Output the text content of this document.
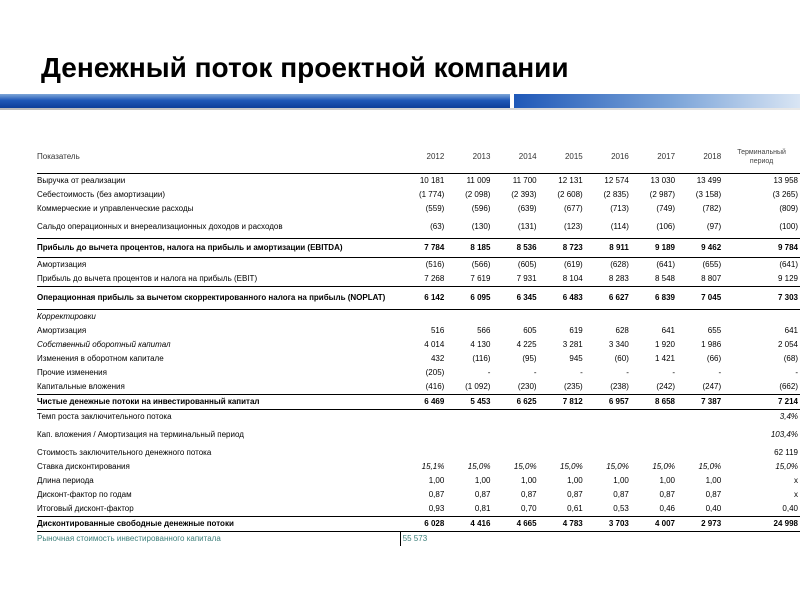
Денежный поток проектной компании
Показатель	2012	2013	2014	2015	2016	2017	2018	Терминальный период
Выручка от реализации	10 181	11 009	11 700	12 131	12 574	13 030	13 499	13 958
Себестоимость (без амортизации)	(1 774)	(2 098)	(2 393)	(2 608)	(2 835)	(2 987)	(3 158)	(3 265)
Коммерческие и управленческие расходы	(559)	(596)	(639)	(677)	(713)	(749)	(782)	(809)
Сальдо операционных и внереализационных доходов и расходов	(63)	(130)	(131)	(123)	(114)	(106)	(97)	(100)
Прибыль до вычета процентов, налога на прибыль и амортизации (EBITDA)	7 784	8 185	8 536	8 723	8 911	9 189	9 462	9 784
Амортизация	(516)	(566)	(605)	(619)	(628)	(641)	(655)	(641)
Прибыль до вычета процентов и налога на прибыль (EBIT)	7 268	7 619	7 931	8 104	8 283	8 548	8 807	9 129
Операционная прибыль за вычетом скорректированного налога на прибыль (NOPLAT)	6 142	6 095	6 345	6 483	6 627	6 839	7 045	7 303
Корректировки								
Амортизация	516	566	605	619	628	641	655	641
Собственный оборотный капитал	4 014	4 130	4 225	3 281	3 340	1 920	1 986	2 054
Изменения в оборотном капитале	432	(116)	(95)	945	(60)	1 421	(66)	(68)
Прочие изменения	(205)	-	-	-	-	-	-	-
Капитальные вложения	(416)	(1 092)	(230)	(235)	(238)	(242)	(247)	(662)
Чистые денежные потоки на инвестированный капитал	6 469	5 453	6 625	7 812	6 957	8 658	7 387	7 214
Темп роста заключительного потока								3,4%
Кап. вложения / Амортизация на терминальный период								103,4%
Стоимость заключительного денежного потока								62 119
Ставка дисконтирования	15,1%	15,0%	15,0%	15,0%	15,0%	15,0%	15,0%	15,0%
Длина периода	1,00	1,00	1,00	1,00	1,00	1,00	1,00	x
Дисконт-фактор по годам	0,87	0,87	0,87	0,87	0,87	0,87	0,87	x
Итоговый дисконт-фактор	0,93	0,81	0,70	0,61	0,53	0,46	0,40	0,40
Дисконтированные свободные денежные потоки	6 028	4 416	4 665	4 783	3 703	4 007	2 973	24 998
Рыночная стоимость инвестированного капитала	55 573							
